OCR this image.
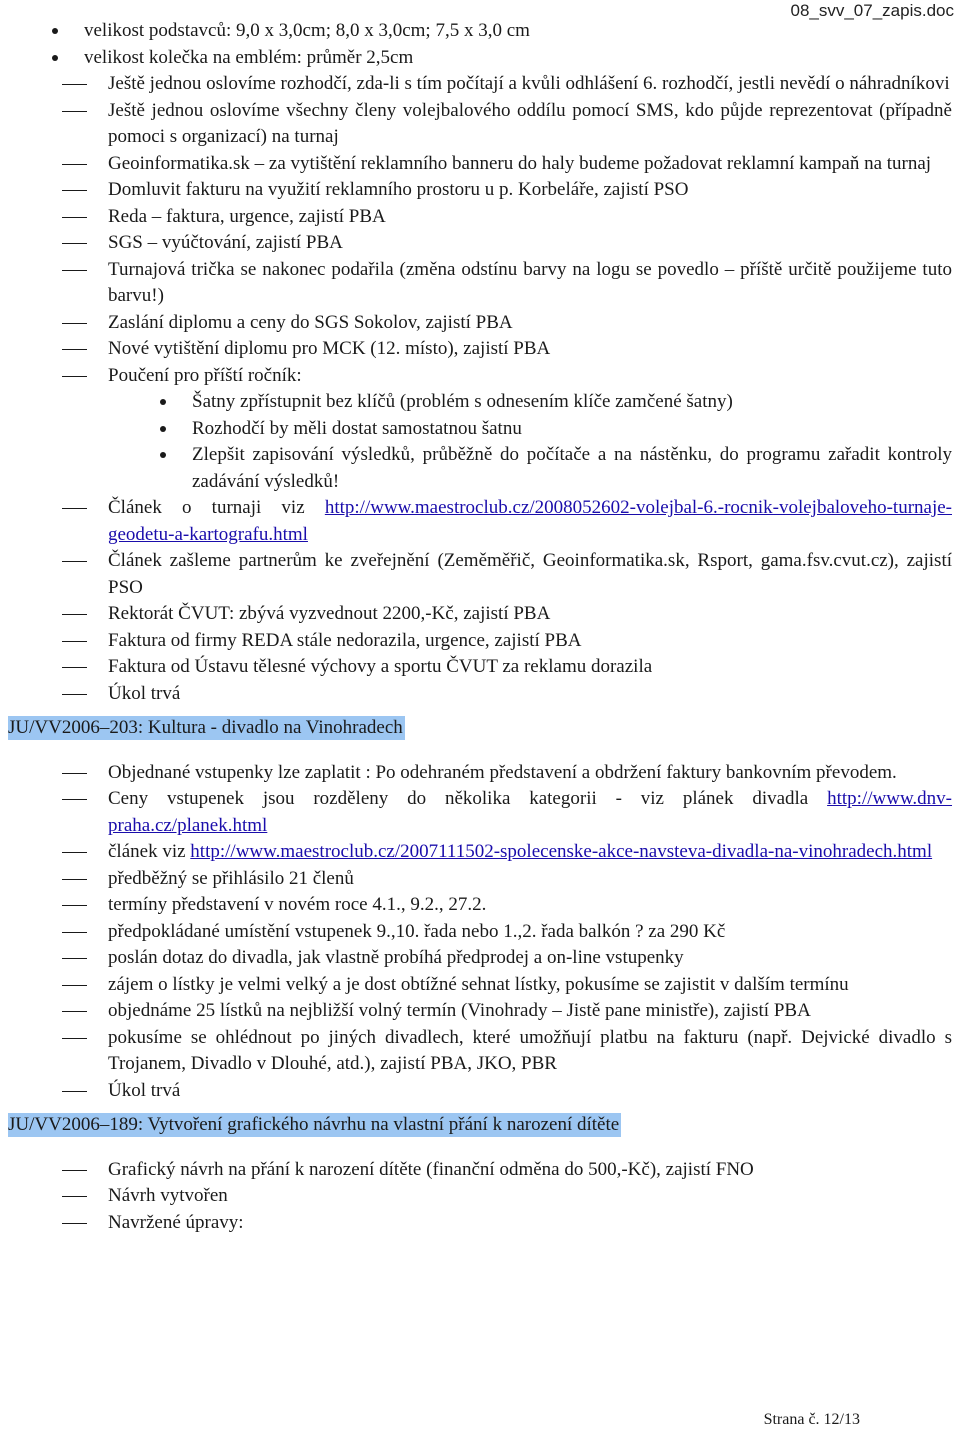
08_svv_07_zapis.doc
velikost podstavců: 9,0 x 3,0cm; 8,0 x 3,0cm; 7,5 x 3,0 cm
velikost kolečka na emblém: průměr 2,5cm
Ještě jednou oslovíme rozhodčí, zda-li s tím počítají a kvůli odhlášení 6. rozhodčí, jestli nevědí o náhradníkovi
Ještě jednou oslovíme všechny členy volejbalového oddílu pomocí SMS, kdo půjde reprezentovat (případně pomoci s organizací) na turnaj
Geoinformatika.sk – za vytištění reklamního banneru do haly budeme požadovat reklamní kampaň na turnaj
Domluvit fakturu na využití reklamního prostoru u p. Korbeláře, zajistí PSO
Reda – faktura, urgence, zajistí PBA
SGS – vyúčtování, zajistí PBA
Turnajová trička se nakonec podařila (změna odstínu barvy na logu se povedlo – příště určitě použijeme tuto barvu!)
Zaslání diplomu a ceny do SGS Sokolov, zajistí PBA
Nové vytištění diplomu pro MCK (12. místo), zajistí PBA
Poučení pro příští ročník:
Šatny zpřístupnit bez klíčů (problém s odnesením klíče zamčené šatny)
Rozhodčí by měli dostat samostatnou šatnu
Zlepšit zapisování výsledků, průběžně do počítače a na nástěnku, do programu zařadit kontroly zadávání výsledků!
Článek o turnaji viz http://www.maestroclub.cz/2008052602-volejbal-6.-rocnik-volejbaloveho-turnaje-geodetu-a-kartografu.html
Článek zašleme partnerům ke zveřejnění (Zeměměřič, Geoinformatika.sk, Rsport, gama.fsv.cvut.cz), zajistí PSO
Rektorát ČVUT: zbývá vyzvednout 2200,-Kč, zajistí PBA
Faktura od firmy REDA stále nedorazila, urgence, zajistí PBA
Faktura od Ústavu tělesné výchovy a sportu ČVUT za reklamu dorazila
Úkol trvá
JU/VV2006–203: Kultura - divadlo na Vinohradech
Objednané vstupenky lze zaplatit : Po odehraném představení a obdržení faktury bankovním převodem.
Ceny vstupenek jsou rozděleny do několika kategorii - viz plánek divadla http://www.dnv-praha.cz/planek.html
článek viz http://www.maestroclub.cz/2007111502-spolecenske-akce-navsteva-divadla-na-vinohradech.html
předběžný se přihlásilo 21 členů
termíny představení v novém roce 4.1., 9.2., 27.2.
předpokládané umístění vstupenek 9.,10. řada nebo 1.,2. řada balkón ? za 290 Kč
poslán dotaz do divadla, jak vlastně probíhá předprodej a on-line vstupenky
zájem o lístky je velmi velký a je dost obtížné sehnat lístky, pokusíme se zajistit v dalším termínu
objednáme 25 lístků na nejbližší volný termín (Vinohrady – Jistě pane ministře), zajistí PBA
pokusíme se ohlédnout po jiných divadlech, které umožňují platbu na fakturu (např. Dejvické divadlo s Trojanem, Divadlo v Dlouhé, atd.), zajistí PBA, JKO, PBR
Úkol trvá
JU/VV2006–189: Vytvoření grafického návrhu na vlastní přání k narození dítěte
Grafický návrh na přání k narození dítěte (finanční odměna do 500,-Kč), zajistí FNO
Návrh vytvořen
Navržené úpravy:
Strana č. 12/13
